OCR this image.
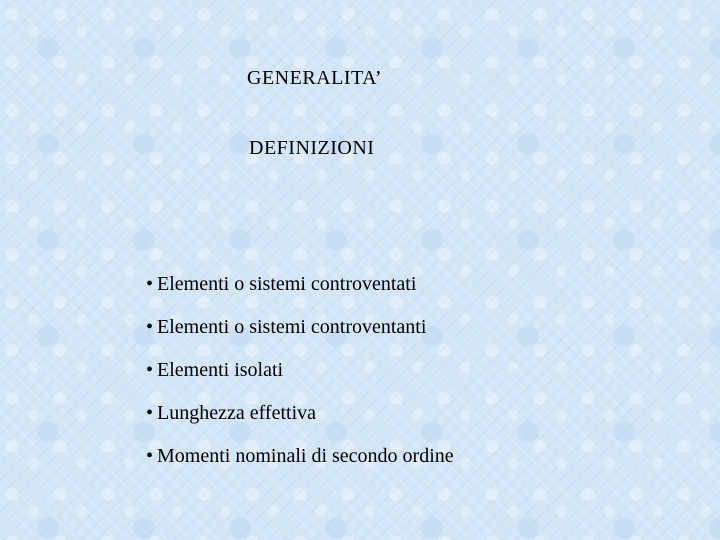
GENERALITA’
DEFINIZIONI
• Elementi o sistemi controventati
• Elementi o sistemi controventanti
• Elementi isolati
• Lunghezza effettiva
• Momenti nominali di secondo ordine
